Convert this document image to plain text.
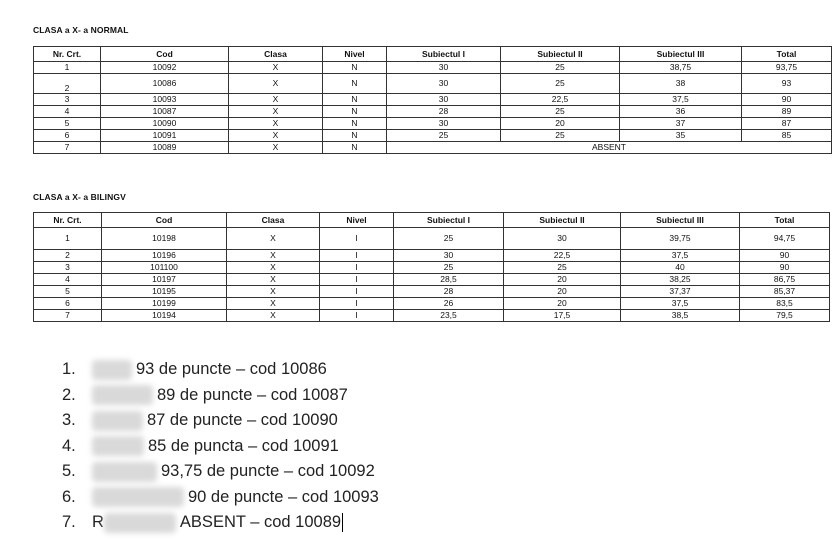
CLASA a X- a NORMAL
Nr. Crt.	Cod	Clasa	Nivel	Subiectul I	Subiectul II	Subiectul III	Total
1	10092	X	N	30	25	38,75	93,75
2	10086	X	N	30	25	38	93
3	10093	X	N	30	22,5	37,5	90
4	10087	X	N	28	25	36	89
5	10090	X	N	30	20	37	87
6	10091	X	N	25	25	35	85
7	10089	X	N	ABSENT			
CLASA a X- a BILINGV
Nr. Crt.	Cod	Clasa	Nivel	Subiectul I	Subiectul II	Subiectul III	Total
1	10198	X	I	25	30	39,75	94,75
2	10196	X	I	30	22,5	37,5	90
3	101100	X	I	25	25	40	90
4	10197	X	I	28,5	20	38,25	86,75
5	10195	X	I	28	20	37,37	85,37
6	10199	X	I	26	20	37,5	83,5
7	10194	X	I	23,5	17,5	38,5	79,5
1.	93 de puncte – cod 10086
2.	89 de puncte – cod 10087
3.	87 de puncte – cod 10090
4.	85 de puncta – cod 10091
5.	93,75 de puncte – cod 10092
6.	90 de puncte – cod 10093
7. R	ABSENT – cod 10089
